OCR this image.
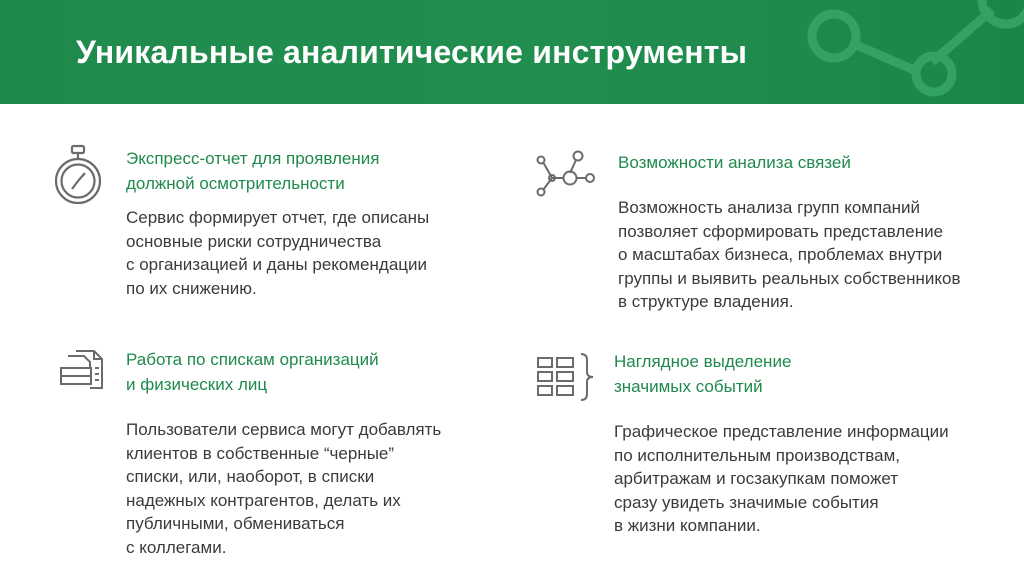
Уникальные аналитические инструменты
Экспресс-отчет для проявления
должной осмотрительности
Сервис формирует отчет, где описаны
основные риски сотрудничества
с организацией и даны рекомендации
по их снижению.
Возможности анализа связей
Возможность анализа групп компаний
позволяет сформировать представление
о масштабах бизнеса, проблемах внутри
группы и выявить реальных собственников
в структуре владения.
Работа по спискам организаций
и физических лиц
Пользователи сервиса могут добавлять
клиентов в собственные “черные”
списки, или, наоборот, в списки
надежных контрагентов, делать их
публичными, обмениваться
с коллегами.
Наглядное выделение
значимых событий
Графическое представление информации
по исполнительным производствам,
арбитражам и госзакупкам поможет
сразу увидеть значимые события
в жизни компании.
